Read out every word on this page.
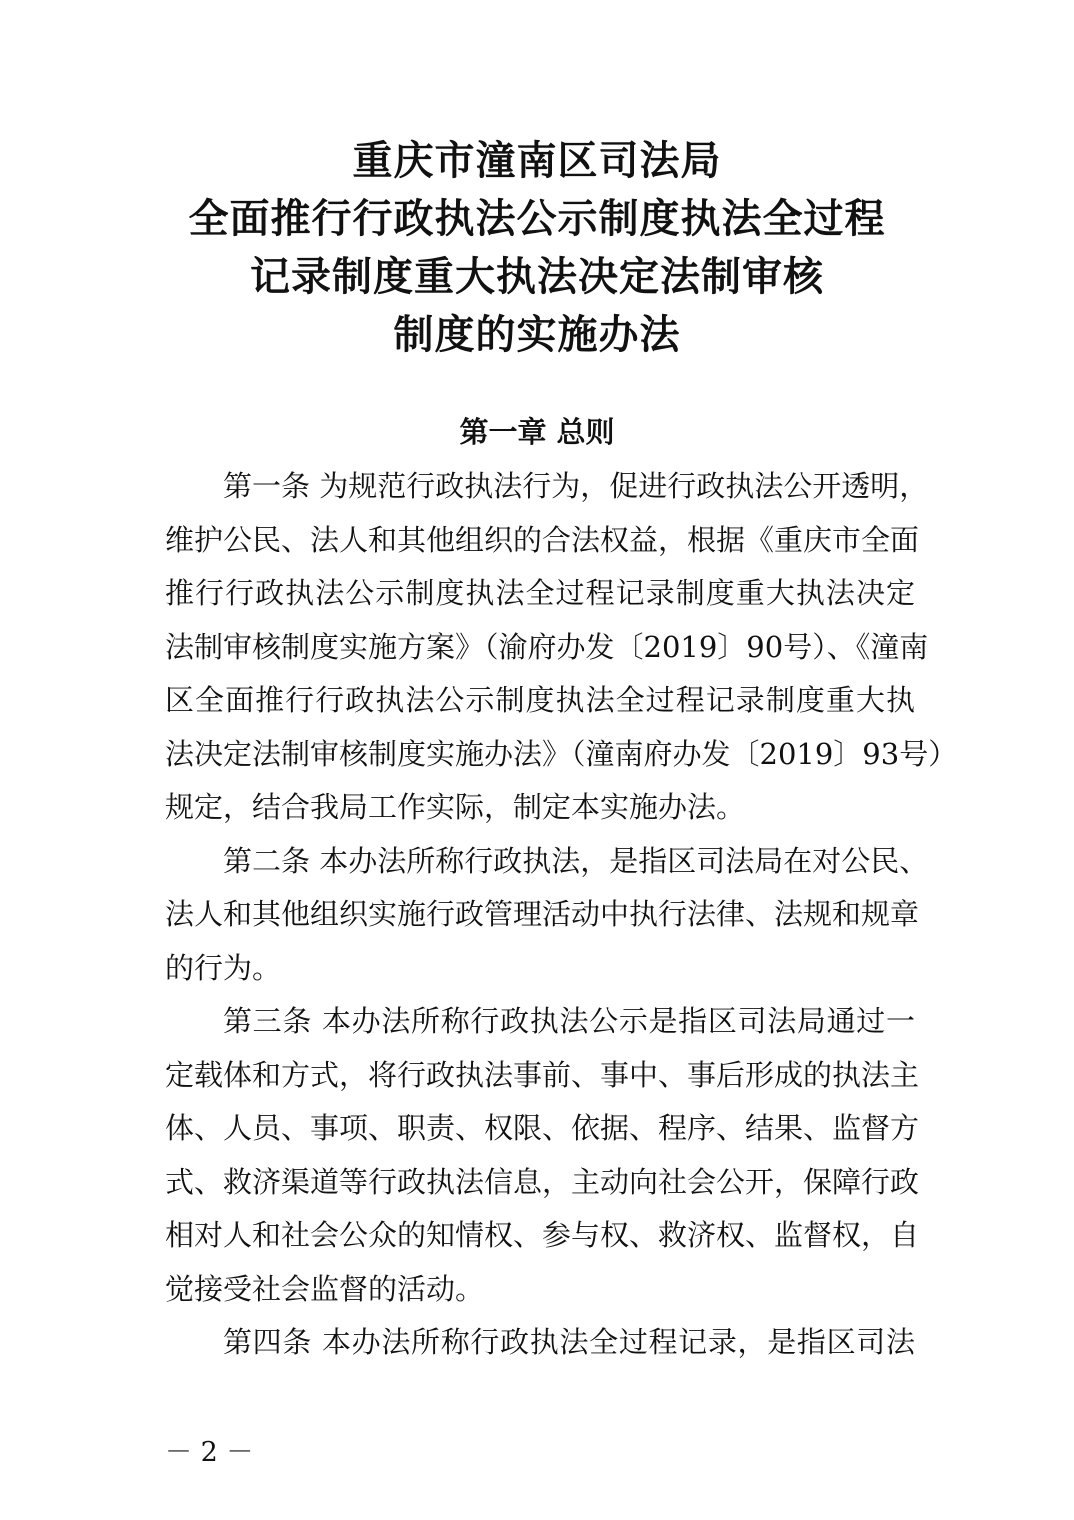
重庆市潼南区司法局
全面推行行政执法公示制度执法全过程
记录制度重大执法决定法制审核
制度的实施办法
第一章 总则
第一条 为规范行政执法行为，促进行政执法公开透明，
维护公民、法人和其他组织的合法权益，根据《重庆市全面
推行行政执法公示制度执法全过程记录制度重大执法决定
法制审核制度实施方案》（渝府办发〔2019〕90号）、《潼南
区全面推行行政执法公示制度执法全过程记录制度重大执
法决定法制审核制度实施办法》（潼南府办发〔2019〕93号）
规定，结合我局工作实际，制定本实施办法。
第二条 本办法所称行政执法，是指区司法局在对公民、
法人和其他组织实施行政管理活动中执行法律、法规和规章
的行为。
第三条 本办法所称行政执法公示是指区司法局通过一
定载体和方式，将行政执法事前、事中、事后形成的执法主
体、人员、事项、职责、权限、依据、程序、结果、监督方
式、救济渠道等行政执法信息，主动向社会公开，保障行政
相对人和社会公众的知情权、参与权、救济权、监督权，自
觉接受社会监督的活动。
第四条 本办法所称行政执法全过程记录，是指区司法
－ 2 －
